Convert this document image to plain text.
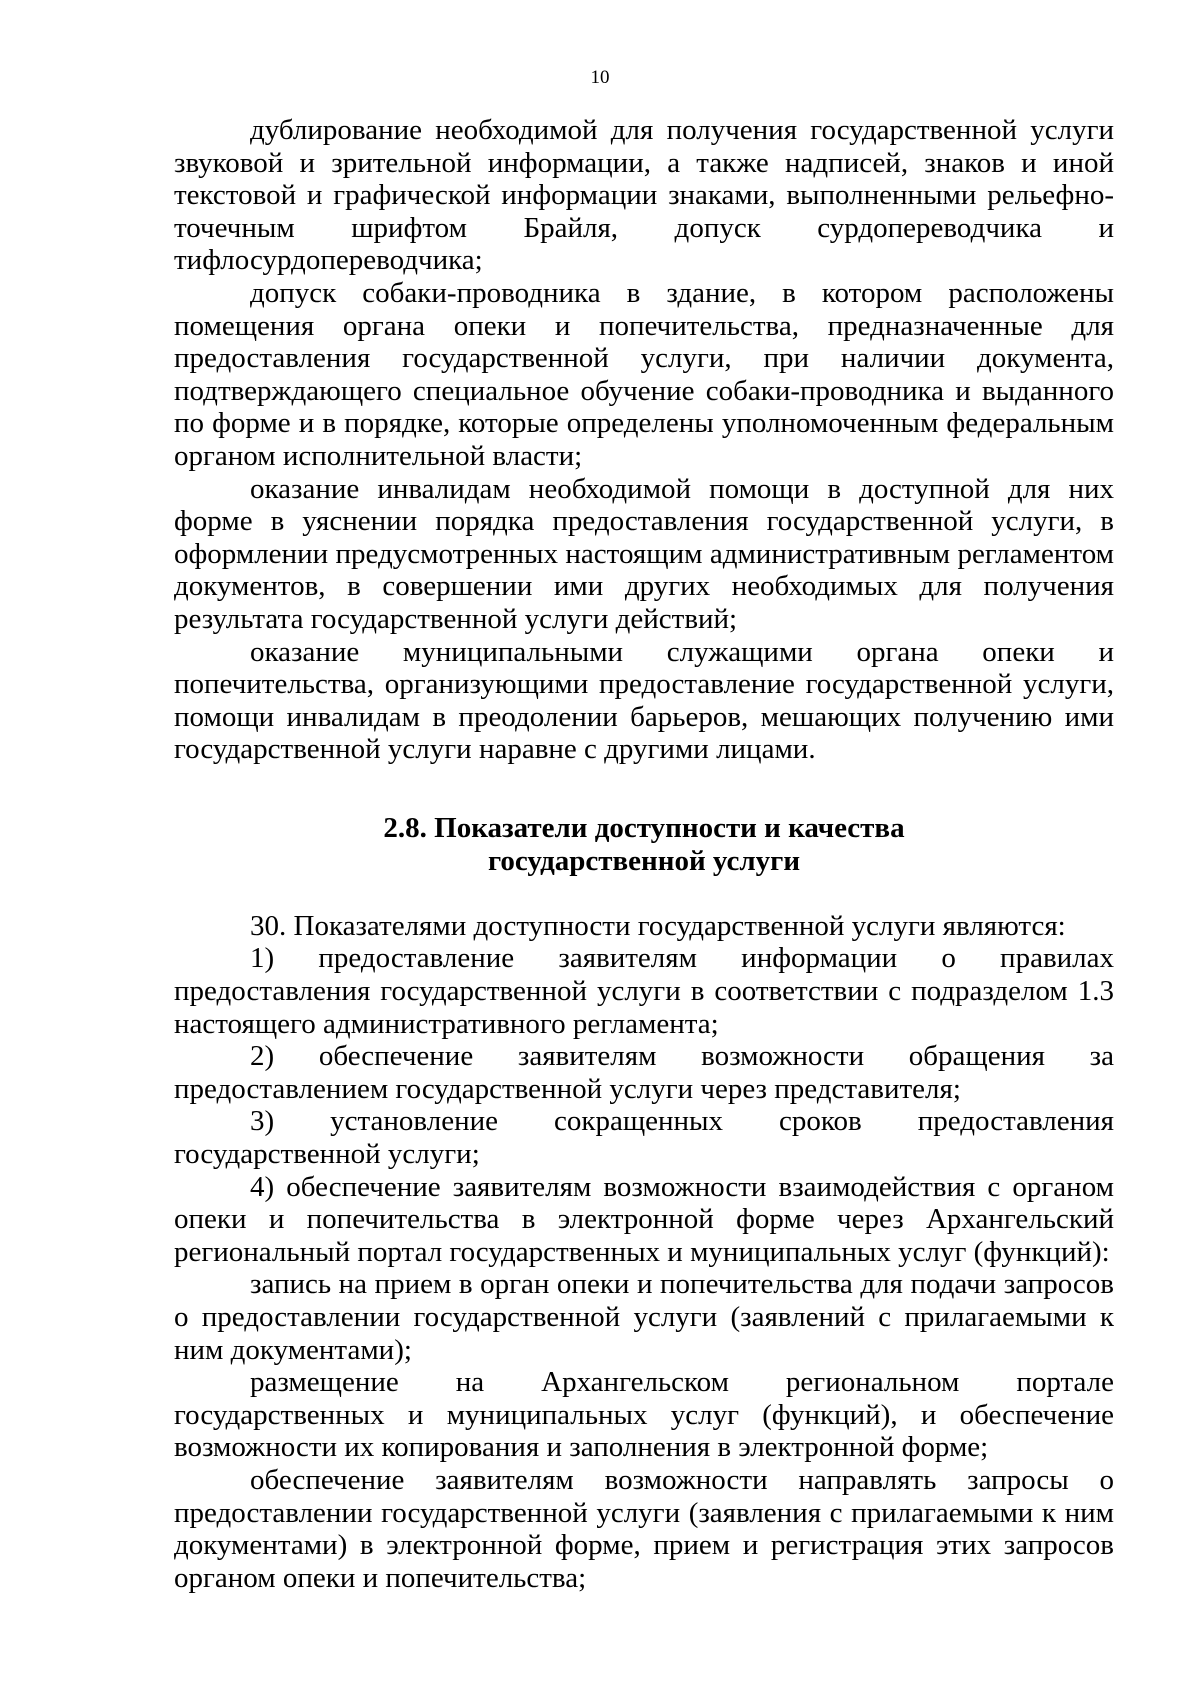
10

дублирование необходимой для получения государственной услуги звуковой и зрительной информации, а также надписей, знаков и иной текстовой и графической информации знаками, выполненными рельефно-точечным шрифтом Брайля, допуск сурдопереводчика и тифлосурдопереводчика;

допуск собаки-проводника в здание, в котором расположены помещения органа опеки и попечительства, предназначенные для предоставления государственной услуги, при наличии документа, подтверждающего специальное обучение собаки-проводника и выданного по форме и в порядке, которые определены уполномоченным федеральным органом исполнительной власти;

оказание инвалидам необходимой помощи в доступной для них форме в уяснении порядка предоставления государственной услуги, в оформлении предусмотренных настоящим административным регламентом документов, в совершении ими других необходимых для получения результата государственной услуги действий;

оказание муниципальными служащими органа опеки и попечительства, организующими предоставление государственной услуги, помощи инвалидам в преодолении барьеров, мешающих получению ими государственной услуги наравне с другими лицами.

2.8. Показатели доступности и качества

государственной услуги

30. Показателями доступности государственной услуги являются:

1) предоставление заявителям информации о правилах предоставления государственной услуги в соответствии с подразделом 1.3 настоящего административного регламента;

2) обеспечение заявителям возможности обращения за предоставлением государственной услуги через представителя;

3) установление сокращенных сроков предоставления государственной услуги;

4) обеспечение заявителям возможности взаимодействия с органом опеки и попечительства в электронной форме через Архангельский региональный портал государственных и муниципальных услуг (функций):

запись на прием в орган опеки и попечительства для подачи запросов о предоставлении государственной услуги (заявлений с прилагаемыми к ним документами);

размещение на Архангельском региональном портале государственных и муниципальных услуг (функций), и обеспечение возможности их копирования и заполнения в электронной форме;

обеспечение заявителям возможности направлять запросы о предоставлении государственной услуги (заявления с прилагаемыми к ним документами) в электронной форме, прием и регистрация этих запросов органом опеки и попечительства;
